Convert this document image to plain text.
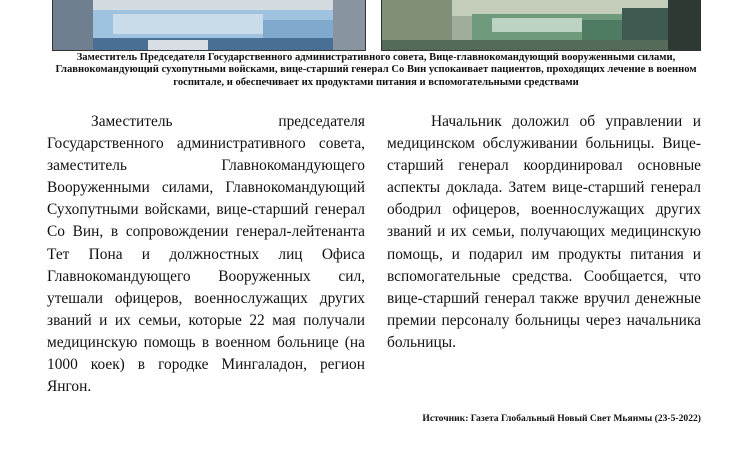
Заместитель Председателя Государственного административного совета, Вице-главнокомандующий вооруженными силами, Главнокомандующий сухопутными войсками, вице-старший генерал Со Вин успокаивает пациентов, проходящих лечение в военном госпитале, и обеспечивает их продуктами питания и вспомогательными средствами
Заместитель председателя Государственного административного совета, заместитель Главнокомандующего Вооруженными силами, Главнокомандующий Сухопутными войсками, вице-старший генерал Со Вин, в сопровождении генерал-лейтенанта Тет Пона и должностных лиц Офиса Главнокомандующего Вооруженных сил, утешали офицеров, военнослужащих других званий и их семьи, которые 22 мая получали медицинскую помощь в военном больнице (на 1000 коек) в городке Мингаладон, регион Янгон.
Начальник доложил об управлении и медицинском обслуживании больницы. Вице-старший генерал координировал основные аспекты доклада. Затем вице-старший генерал ободрил офицеров, военнослужащих других званий и их семьи, получающих медицинскую помощь, и подарил им продукты питания и вспомогательные средства. Сообщается, что вице-старший генерал также вручил денежные премии персоналу больницы через начальника больницы.
Источник: Газета Глобальный Новый Свет Мьянмы (23-5-2022)
